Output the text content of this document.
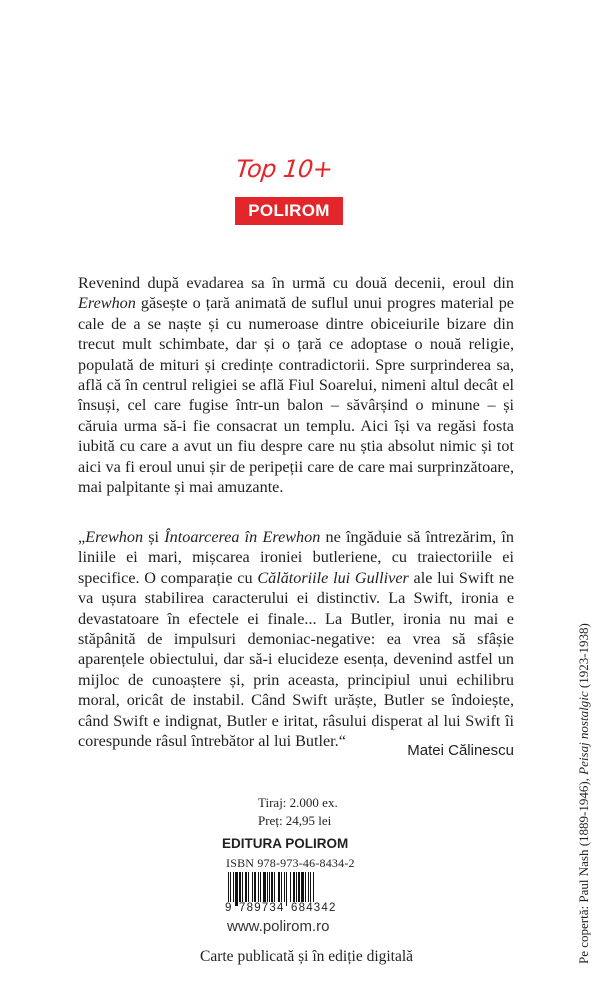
Top 10+
POLIROM

Revenind după evadarea sa în urmă cu două decenii, eroul din Erewhon găsește o țară animată de suflul unui progres material pe cale de a se naște și cu numeroase dintre obiceiurile bizare din trecut mult schimbate, dar și o țară ce adoptase o nouă religie, populată de mituri și credințe contradictorii. Spre surprinderea sa, află că în centrul religiei se află Fiul Soarelui, nimeni altul decât el însuși, cel care fugise într-un balon – săvârșind o minune – și căruia urma să-i fie consacrat un templu. Aici își va regăsi fosta iubită cu care a avut un fiu despre care nu știa absolut nimic și tot aici va fi eroul unui șir de peripeții care de care mai surprinzătoare, mai palpitante și mai amuzante.

„Erewhon și Întoarcerea în Erewhon ne îngăduie să întrezărim, în liniile ei mari, mișcarea ironiei butleriene, cu traiectoriile ei specifice. O comparație cu Călătoriile lui Gulliver ale lui Swift ne va ușura stabilirea caracterului ei distinctiv. La Swift, ironia e devastatoare în efectele ei finale... La Butler, ironia nu mai e stăpânită de impulsuri demoniac-negative: ea vrea să sfâșie aparențele obiectului, dar să-i elucideze esența, devenind astfel un mijloc de cunoaștere și, prin aceasta, principiul unui echilibru moral, oricât de instabil. Când Swift urăște, Butler se îndoiește, când Swift e indignat, Butler e iritat, râsului disperat al lui Swift îi corespunde râsul întrebător al lui Butler.“

Matei Călinescu
Tiraj: 2.000 ex.
Preț: 24,95 lei
EDITURA POLIROM
ISBN 978-973-46-8434-2
9 789734 684342
www.polirom.ro
Carte publicată și în ediție digitală	Pe copertă: Paul Nash (1889-1946), Peisaj nostalgic (1923-1938)
